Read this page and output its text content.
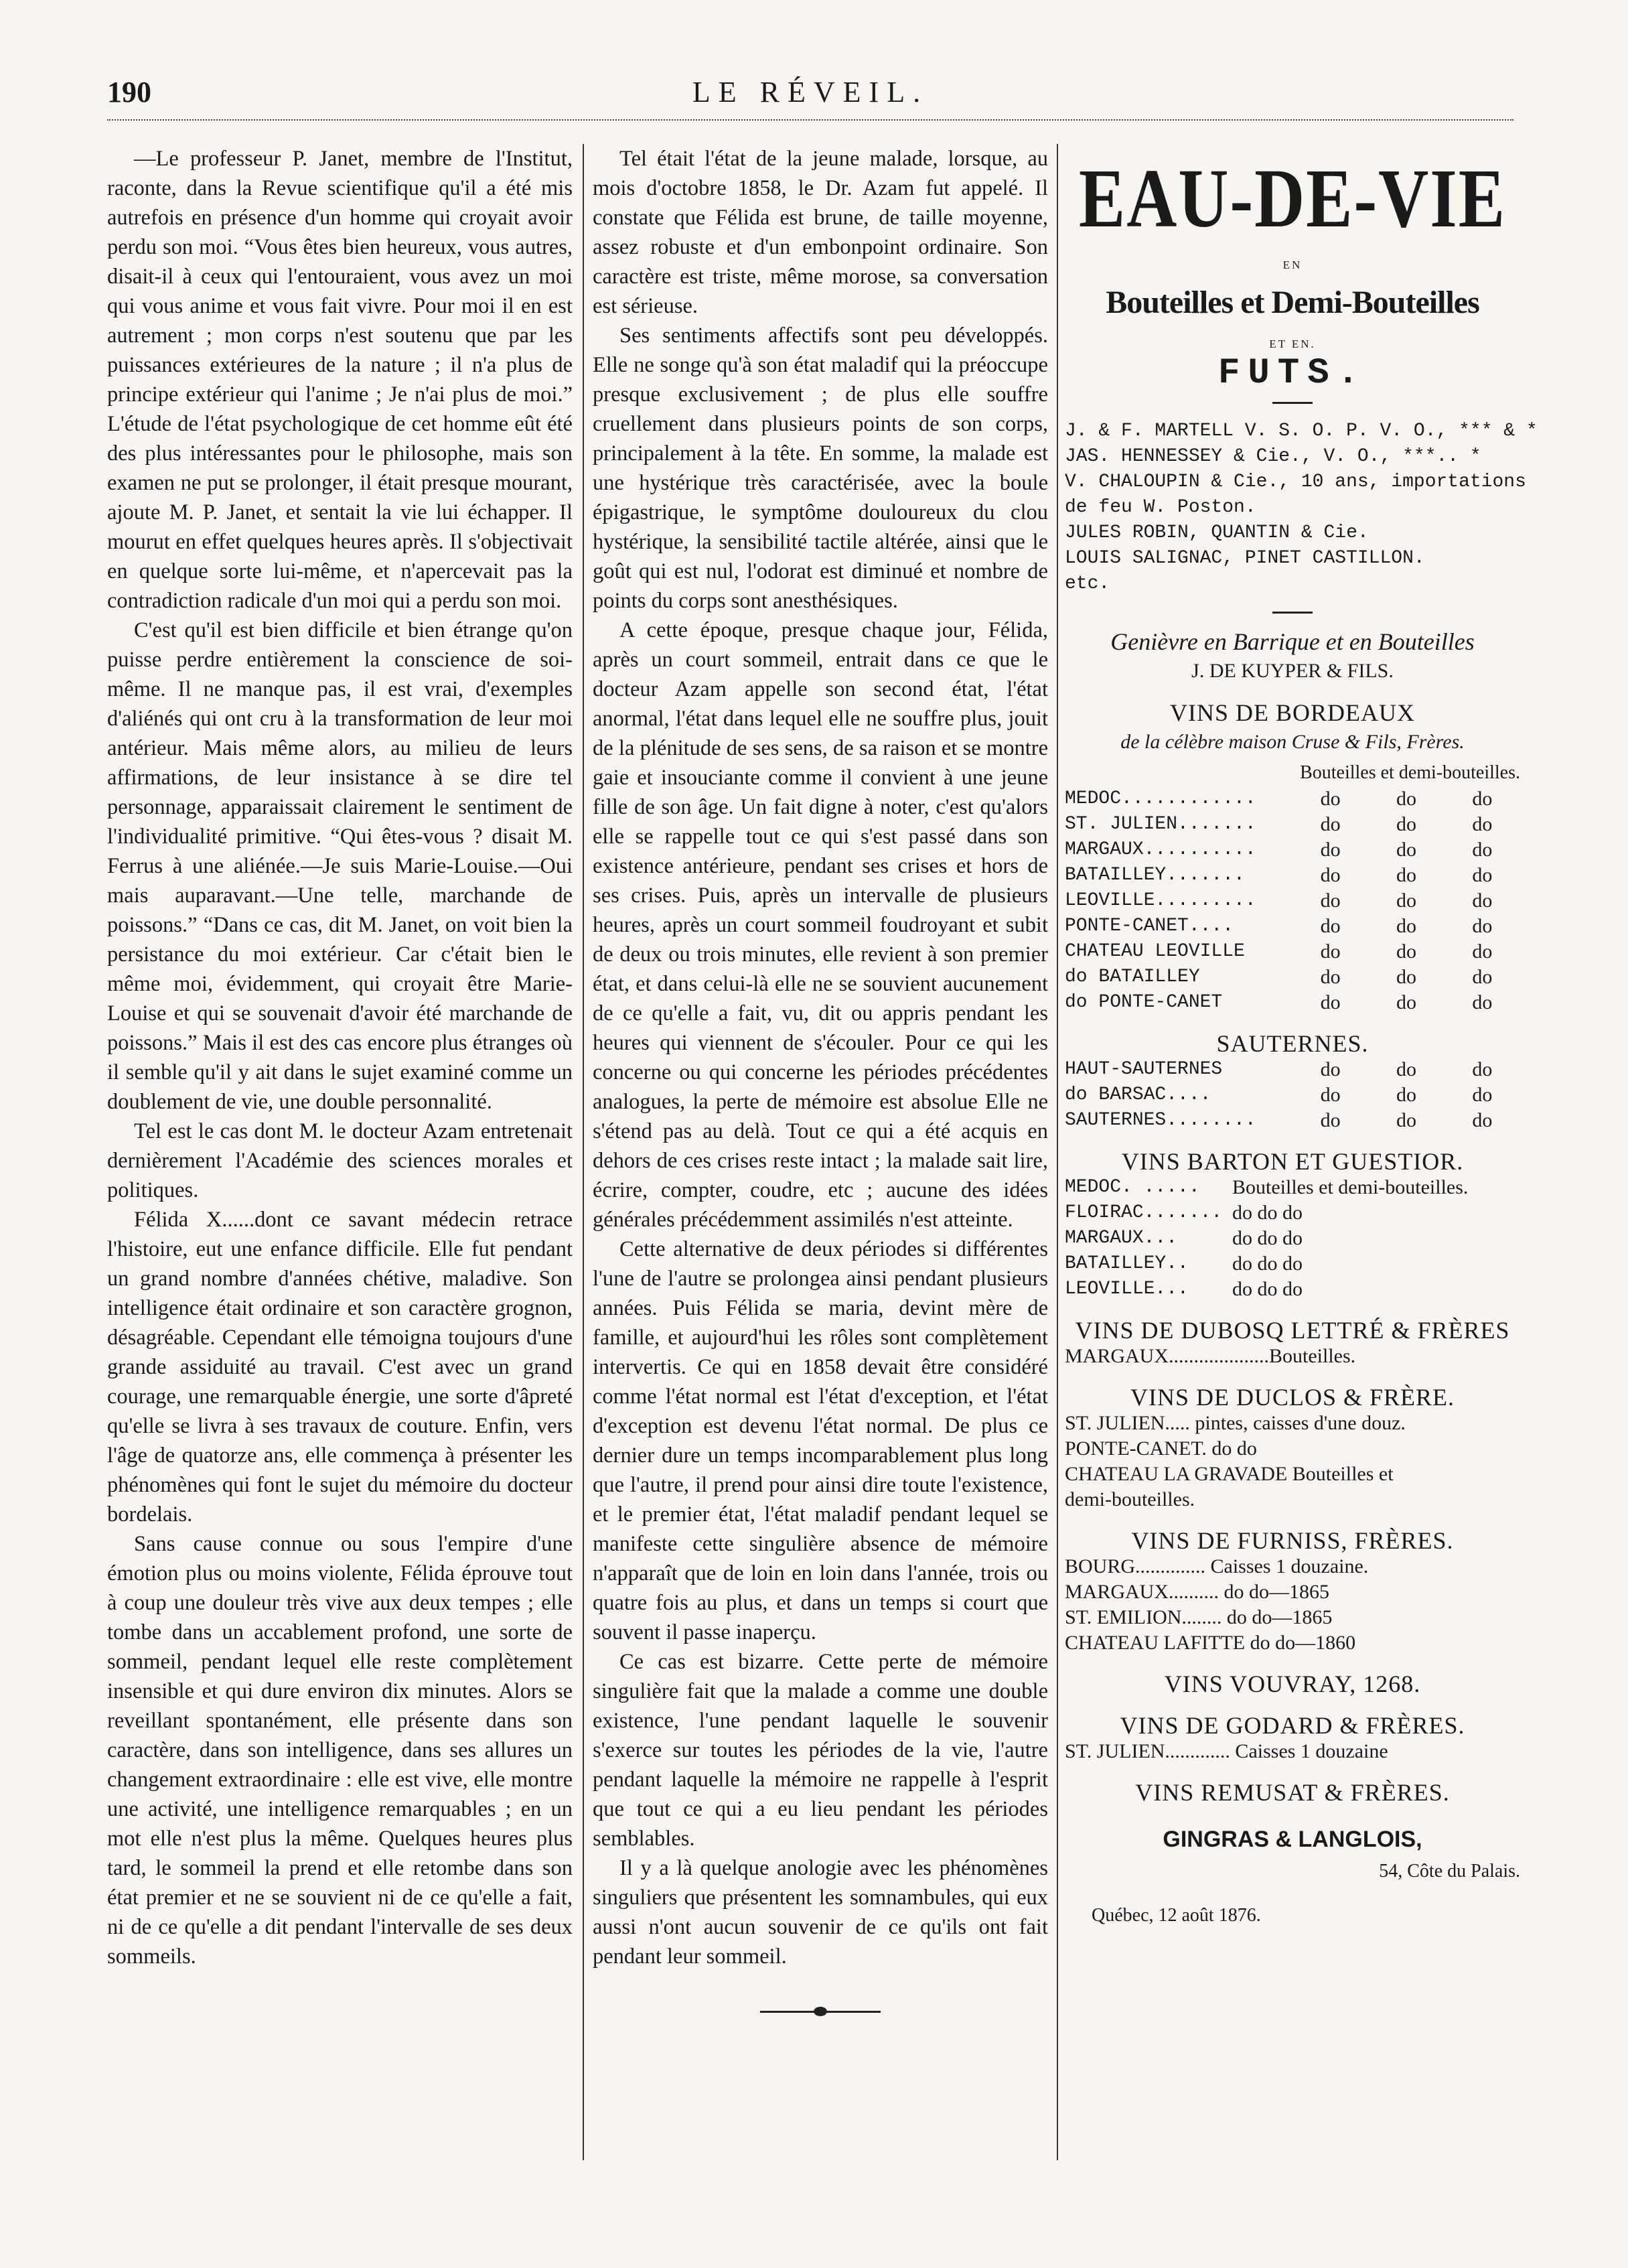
190	LE RÉVEIL.

—Le professeur P. Janet, membre de l'Institut, raconte, dans la Revue scientifique qu'il a été mis autrefois en présence d'un homme qui croyait avoir perdu son moi. “Vous êtes bien heureux, vous autres, disait-il à ceux qui l'entouraient, vous avez un moi qui vous anime et vous fait vivre. Pour moi il en est autrement ; mon corps n'est soutenu que par les puissances extérieures de la nature ; il n'a plus de principe extérieur qui l'anime ; Je n'ai plus de moi.” L'étude de l'état psychologique de cet homme eût été des plus intéressantes pour le philosophe, mais son examen ne put se prolonger, il était presque mourant, ajoute M. P. Janet, et sentait la vie lui échapper. Il mourut en effet quelques heures après. Il s'objectivait en quelque sorte lui-même, et n'apercevait pas la contradiction radicale d'un moi qui a perdu son moi.

C'est qu'il est bien difficile et bien étrange qu'on puisse perdre entièrement la conscience de soi-même. Il ne manque pas, il est vrai, d'exemples d'aliénés qui ont cru à la transformation de leur moi antérieur. Mais même alors, au milieu de leurs affirmations, de leur insistance à se dire tel personnage, apparaissait clairement le sentiment de l'individualité primitive. “Qui êtes-vous ? disait M. Ferrus à une aliénée.—Je suis Marie-Louise.—Oui mais auparavant.—Une telle, marchande de poissons.” “Dans ce cas, dit M. Janet, on voit bien la persistance du moi extérieur. Car c'était bien le même moi, évidemment, qui croyait être Marie-Louise et qui se souvenait d'avoir été marchande de poissons.” Mais il est des cas encore plus étranges où il semble qu'il y ait dans le sujet examiné comme un doublement de vie, une double personnalité.

Tel est le cas dont M. le docteur Azam entretenait dernièrement l'Académie des sciences morales et politiques.

Félida X......dont ce savant médecin retrace l'histoire, eut une enfance difficile. Elle fut pendant un grand nombre d'années chétive, maladive. Son intelligence était ordinaire et son caractère grognon, désagréable. Cependant elle témoigna toujours d'une grande assiduité au travail. C'est avec un grand courage, une remarquable énergie, une sorte d'âpreté qu'elle se livra à ses travaux de couture. Enfin, vers l'âge de quatorze ans, elle commença à présenter les phénomènes qui font le sujet du mémoire du docteur bordelais.

Sans cause connue ou sous l'empire d'une émotion plus ou moins violente, Félida éprouve tout à coup une douleur très vive aux deux tempes ; elle tombe dans un accablement profond, une sorte de sommeil, pendant lequel elle reste complètement insensible et qui dure environ dix minutes. Alors se reveillant spontanément, elle présente dans son caractère, dans son intelligence, dans ses allures un changement extraordinaire : elle est vive, elle montre une activité, une intelligence remarquables ; en un mot elle n'est plus la même. Quelques heures plus tard, le sommeil la prend et elle retombe dans son état premier et ne se souvient ni de ce qu'elle a fait, ni de ce qu'elle a dit pendant l'intervalle de ses deux sommeils.

Tel était l'état de la jeune malade, lorsque, au mois d'octobre 1858, le Dr. Azam fut appelé. Il constate que Félida est brune, de taille moyenne, assez robuste et d'un embonpoint ordinaire. Son caractère est triste, même morose, sa conversation est sérieuse.

Ses sentiments affectifs sont peu développés. Elle ne songe qu'à son état maladif qui la préoccupe presque exclusivement ; de plus elle souffre cruellement dans plusieurs points de son corps, principalement à la tête. En somme, la malade est une hystérique très caractérisée, avec la boule épigastrique, le symptôme douloureux du clou hystérique, la sensibilité tactile altérée, ainsi que le goût qui est nul, l'odorat est diminué et nombre de points du corps sont anesthésiques.

A cette époque, presque chaque jour, Félida, après un court sommeil, entrait dans ce que le docteur Azam appelle son second état, l'état anormal, l'état dans lequel elle ne souffre plus, jouit de la plénitude de ses sens, de sa raison et se montre gaie et insouciante comme il convient à une jeune fille de son âge. Un fait digne à noter, c'est qu'alors elle se rappelle tout ce qui s'est passé dans son existence antérieure, pendant ses crises et hors de ses crises. Puis, après un intervalle de plusieurs heures, après un court sommeil foudroyant et subit de deux ou trois minutes, elle revient à son premier état, et dans celui-là elle ne se souvient aucunement de ce qu'elle a fait, vu, dit ou appris pendant les heures qui viennent de s'écouler. Pour ce qui les concerne ou qui concerne les périodes précédentes analogues, la perte de mémoire est absolue Elle ne s'étend pas au delà. Tout ce qui a été acquis en dehors de ces crises reste intact ; la malade sait lire, écrire, compter, coudre, etc ; aucune des idées générales précédemment assimilés n'est atteinte.

Cette alternative de deux périodes si différentes l'une de l'autre se prolongea ainsi pendant plusieurs années. Puis Félida se maria, devint mère de famille, et aujourd'hui les rôles sont complètement intervertis. Ce qui en 1858 devait être considéré comme l'état normal est l'état d'exception, et l'état d'exception est devenu l'état normal. De plus ce dernier dure un temps incomparablement plus long que l'autre, il prend pour ainsi dire toute l'existence, et le premier état, l'état maladif pendant lequel se manifeste cette singulière absence de mémoire n'apparaît que de loin en loin dans l'année, trois ou quatre fois au plus, et dans un temps si court que souvent il passe inaperçu.

Ce cas est bizarre. Cette perte de mémoire singulière fait que la malade a comme une double existence, l'une pendant laquelle le souvenir s'exerce sur toutes les périodes de la vie, l'autre pendant laquelle la mémoire ne rappelle à l'esprit que tout ce qui a eu lieu pendant les périodes semblables.

Il y a là quelque anologie avec les phénomènes singuliers que présentent les somnambules, qui eux aussi n'ont aucun souvenir de ce qu'ils ont fait pendant leur sommeil.

EAU-DE-VIE
EN
Bouteilles et Demi-Bouteilles
ET EN.
FUTS.
J. & F. MARTELL V. S. O. P. V. O., *** & *
JAS. HENNESSEY & Cie., V. O., ***.. *
V. CHALOUPIN & Cie., 10 ans, importations
de feu W. Poston.
JULES ROBIN, QUANTIN & Cie.
LOUIS SALIGNAC, PINET CASTILLON.
etc.
Genièvre en Barrique et en Bouteilles
J. DE KUYPER & FILS.
VINS DE BORDEAUX
de la célèbre maison Cruse & Fils, Frères.
Bouteilles et demi-bouteilles.
MEDOC............	do	do	do
ST. JULIEN.......	do	do	do
MARGAUX..........	do	do	do
BATAILLEY.......	do	do	do
LEOVILLE.........	do	do	do
PONTE-CANET....	do	do	do
CHATEAU LEOVILLE	do	do	do
do BATAILLEY	do	do	do
do PONTE-CANET	do	do	do
SAUTERNES.
HAUT-SAUTERNES	do	do	do
do BARSAC....	do	do	do
SAUTERNES........	do	do	do
VINS BARTON ET GUESTIOR.
MEDOC. .....	Bouteilles et demi-bouteilles.
FLOIRAC....... do do do
MARGAUX...	do do do
BATAILLEY..	do do do
LEOVILLE...	do do do
VINS DE DUBOSQ LETTRÉ & FRÈRES
MARGAUX....................Bouteilles.
VINS DE DUCLOS & FRÈRE.
ST. JULIEN..... pintes, caisses d'une douz.
PONTE-CANET. do do
CHATEAU LA GRAVADE Bouteilles et
demi-bouteilles.
VINS DE FURNISS, FRÈRES.
BOURG.............. Caisses 1 douzaine.
MARGAUX.......... do do—1865
ST. EMILION........ do do—1865
CHATEAU LAFITTE do do—1860
VINS VOUVRAY, 1268.
VINS DE GODARD & FRÈRES.
ST. JULIEN............. Caisses 1 douzaine
VINS REMUSAT & FRÈRES.
GINGRAS & LANGLOIS,
54, Côte du Palais.
Québec, 12 août 1876.
